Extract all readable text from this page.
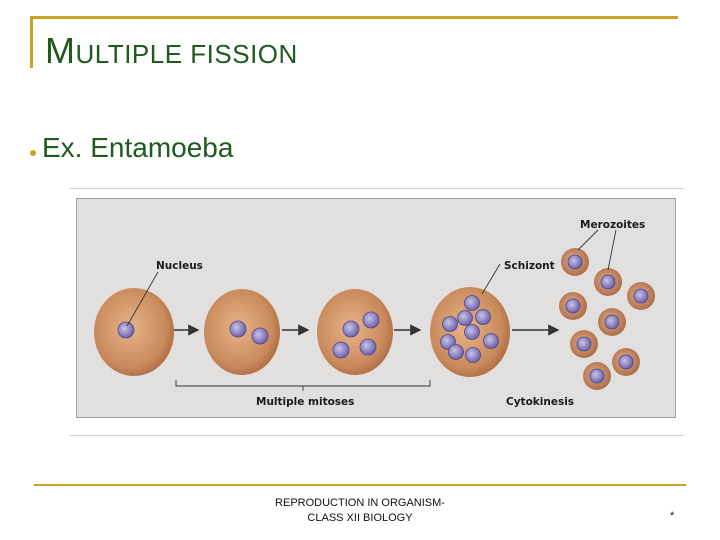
MULTIPLE FISSION
Ex. Entamoeba
Nucleus	Schizont
Merozoites
Multiple mitoses	Cytokinesis
REPRODUCTION IN ORGANISM-
CLASS XII BIOLOGY	*
